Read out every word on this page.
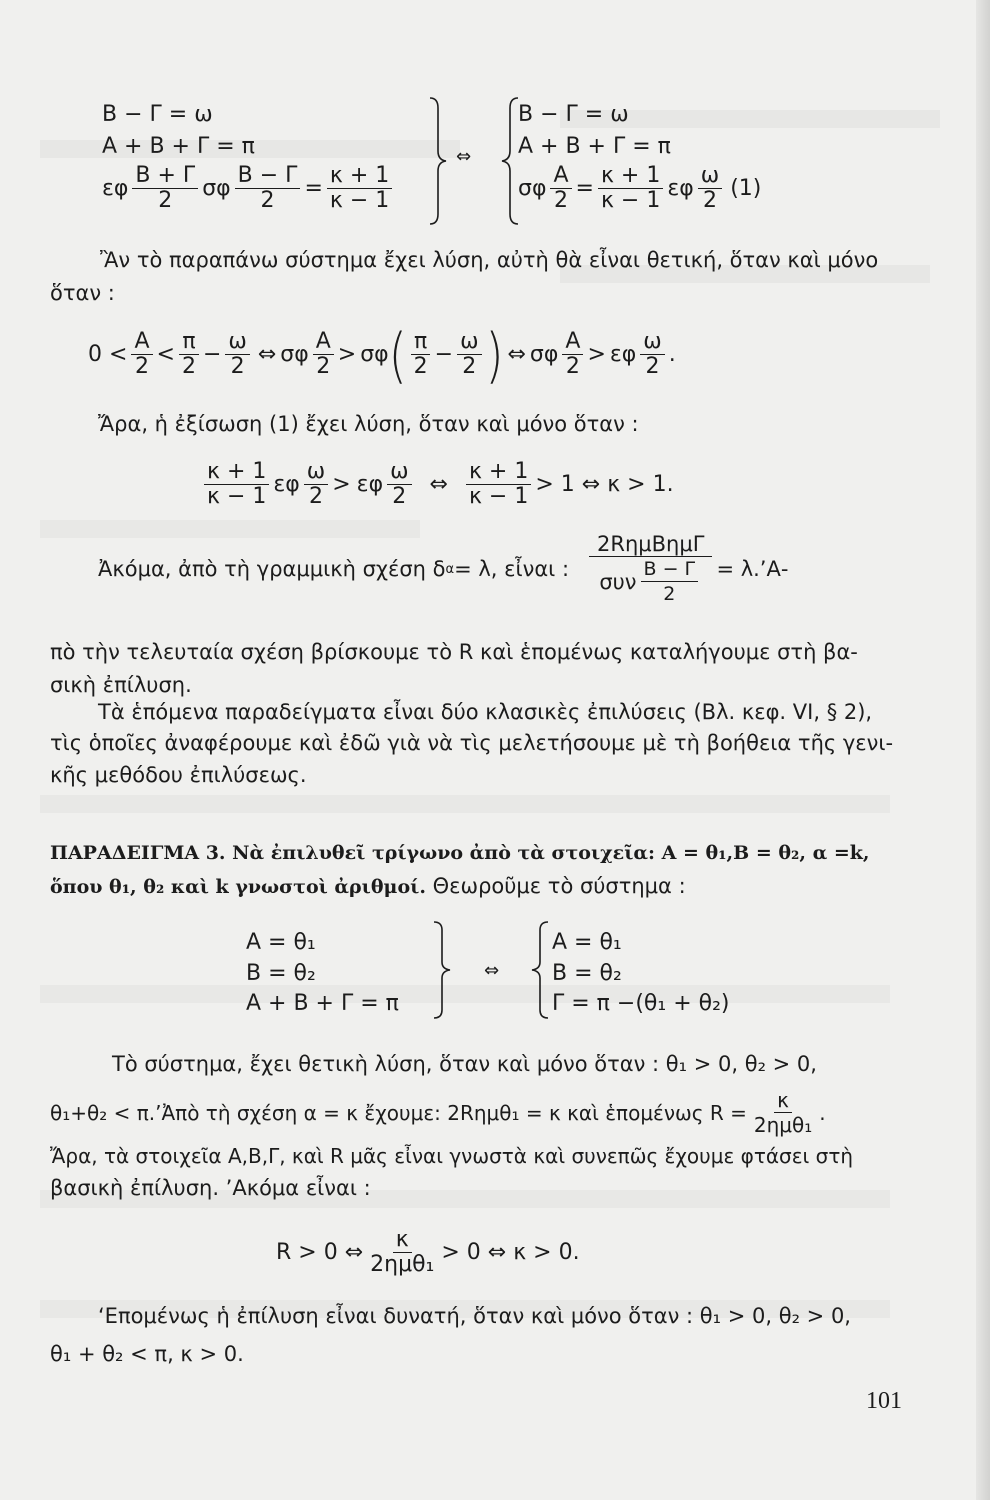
Β − Γ = ω
Α + Β + Γ = π
εφ $\frac{B + \Gamma}{2}$ σφ $\frac{B - \Gamma}{2} = \frac{\kappa + 1}{\kappa - 1}$
⇔
Β − Γ = ω
Α + Β + Γ = π
σφ $\frac{A}{2} = \frac{\kappa + 1}{\kappa - 1}$ εφ $\frac{\omega}{2} (1)$
Ἂν τὸ παραπάνω σύστημα ἔχει λύση, αὐτὴ θὰ εἶναι θετική, ὅταν καὶ μόνο ὅταν :
$0 < \frac{A}{2} < \frac{\pi}{2} - \frac{\omega}{2}$ ⇔ σφ $\frac{A}{2} > \sigma\varphi$ ( $\frac{\pi}{2} - \frac{\omega}{2}$ ) ⇔ σφ $\frac{A}{2} > \varepsilon\varphi \frac{\omega}{2}$ .
Ἄρα, ἡ ἐξίσωση (1) ἔχει λύση, ὅταν καὶ μόνο ὅταν :
$\frac{\kappa + 1}{\kappa - 1}$ εφ $\frac{\omega}{2} > \varepsilon\varphi \frac{\omega}{2}$ ⇔ $\frac{\kappa + 1}{\kappa - 1} > 1$ ⇔ κ > 1.
Ἀκόμα, ἀπὸ τὴ γραμμικὴ σχέση δ α = λ, εἶναι : $\frac{\text{2RημΒημΓ}}{\sigma\upsilon\nu \frac{B - \Gamma}{2}}$ = λ.’Α-
πὸ τὴν τελευταία σχέση βρίσκουμε τὸ R καὶ ἑπομένως καταλήγουμε στὴ βα-
σικὴ ἐπίλυση.
Τὰ ἑπόμενα παραδείγματα εἶναι δύο κλασικὲς ἐπιλύσεις (Βλ. κεφ. VI, § 2),
τὶς ὁποῖες ἀναφέρουμε καὶ ἐδῶ γιὰ νὰ τὶς μελετήσουμε μὲ τὴ βοήθεια τῆς γενι-
κῆς μεθόδου ἐπιλύσεως.
ΠΑΡΑΔΕΙΓΜΑ 3. Νὰ ἐπιλυθεῖ τρίγωνο ἀπὸ τὰ στοιχεῖα: Α = θ₁,Β = θ₂, α =k,
ὅπου θ₁, θ₂ καὶ k γνωστοὶ ἀριθμοί. Θεωροῦμε τὸ σύστημα :
Α = θ₁
Β = θ₂
Α + Β + Γ = π
⇔
Α = θ₁
Β = θ₂
Γ = π −(θ₁ + θ₂)
Τὸ σύστημα, ἔχει θετικὴ λύση, ὅταν καὶ μόνο ὅταν : θ₁ > 0, θ₂ > 0,
θ₁+θ₂ < π.’Ἀπὸ τὴ σχέση α = κ ἔχουμε: 2Rημθ₁ = κ καὶ ἑπομένως $R = \frac{\kappa}{\text{2ημθ₁}}$ .
Ἄρα, τὰ στοιχεῖα Α,Β,Γ, καὶ R μᾶς εἶναι γνωστὰ καὶ συνεπῶς ἔχουμε φτάσει στὴ
βασικὴ ἐπίλυση. ’Ακόμα εἶναι :
R > 0 ⇔ $\frac{\kappa}{\text{2ημθ₁}} > 0$ ⇔ κ > 0.
‘Επομένως ἡ ἐπίλυση εἶναι δυνατή, ὅταν καὶ μόνο ὅταν : θ₁ > 0, θ₂ > 0,
θ₁ + θ₂ < π, κ > 0.
101
